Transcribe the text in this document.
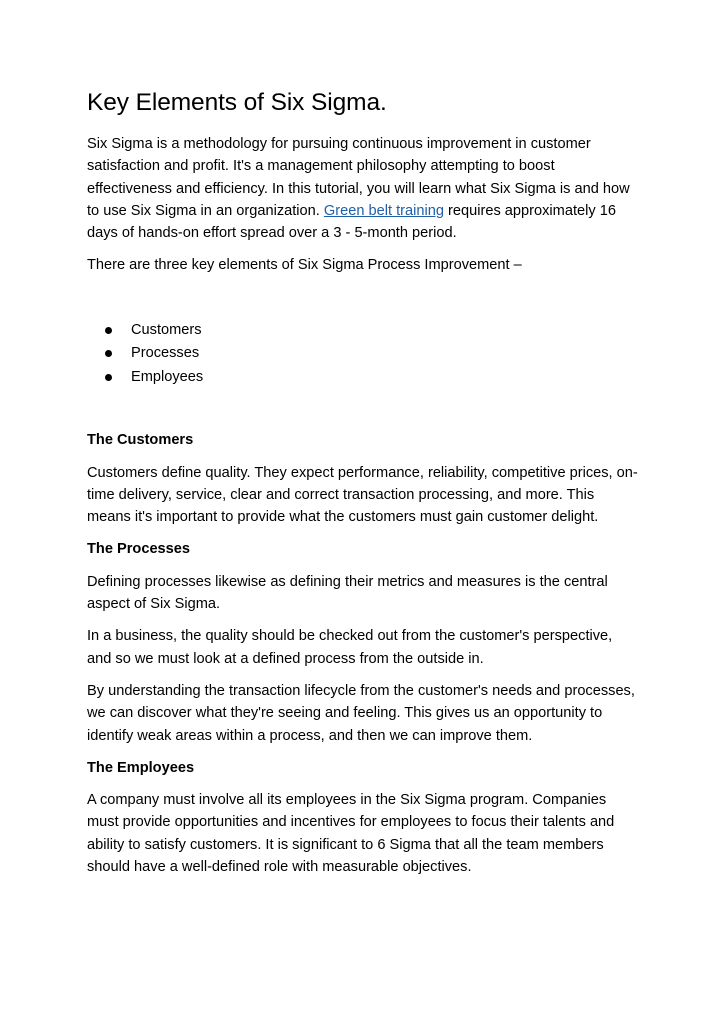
Key Elements of Six Sigma.

Six Sigma is a methodology for pursuing continuous improvement in customer satisfaction and profit. It's a management philosophy attempting to boost effectiveness and efficiency. In this tutorial, you will learn what Six Sigma is and how to use Six Sigma in an organization. Green belt training requires approximately 16 days of hands-on effort spread over a 3 - 5-month period.

There are three key elements of Six Sigma Process Improvement –

Customers
Processes
Employees
The Customers

Customers define quality. They expect performance, reliability, competitive prices, on-time delivery, service, clear and correct transaction processing, and more. This means it's important to provide what the customers must gain customer delight.

The Processes

Defining processes likewise as defining their metrics and measures is the central aspect of Six Sigma.

In a business, the quality should be checked out from the customer's perspective, and so we must look at a defined process from the outside in.

By understanding the transaction lifecycle from the customer's needs and processes, we can discover what they're seeing and feeling. This gives us an opportunity to identify weak areas within a process, and then we can improve them.

The Employees

A company must involve all its employees in the Six Sigma program. Companies must provide opportunities and incentives for employees to focus their talents and ability to satisfy customers. It is significant to 6 Sigma that all the team members should have a well-defined role with measurable objectives.
